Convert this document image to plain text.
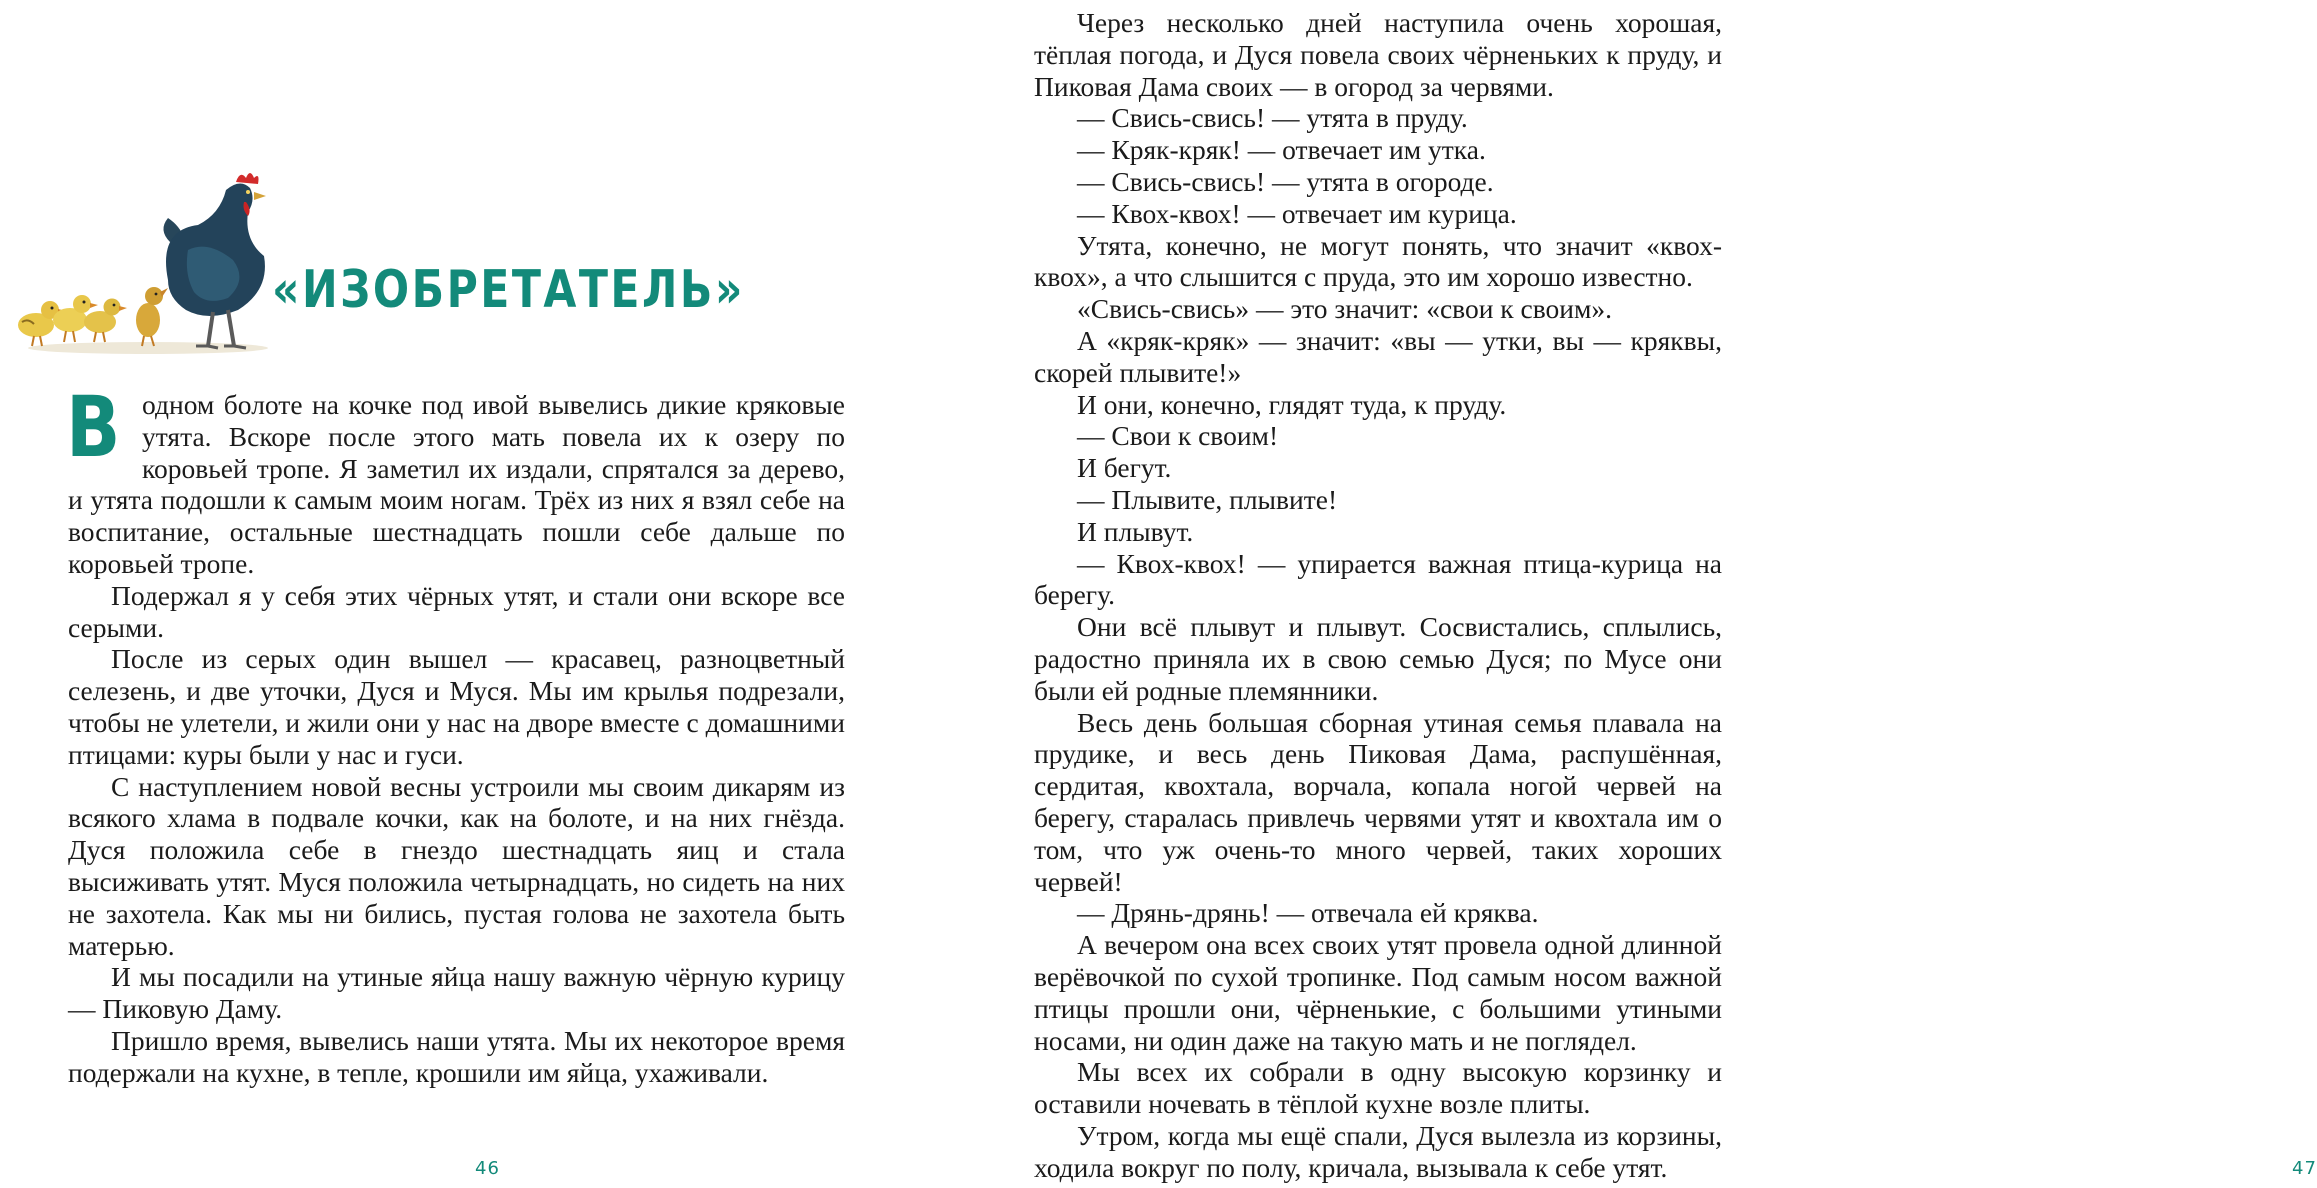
«ИЗОБРЕТАТЕЛЬ»

Водном болоте на кочке под ивой вывелись дикие кряковые утята. Вскоре после этого мать повела их к озеру по коровьей тропе. Я заметил их издали, спрятался за дерево, и утята подошли к самым моим ногам. Трёх из них я взял себе на воспитание, остальные шестнадцать пошли себе дальше по коровьей тропе.

Подержал я у себя этих чёрных утят, и стали они вскоре все серыми.

После из серых один вышел — красавец, разноцветный селезень, и две уточки, Дуся и Муся. Мы им крылья подрезали, чтобы не улетели, и жили они у нас на дворе вместе с домашними птицами: куры были у нас и гуси.

С наступлением новой весны устроили мы своим дикарям из всякого хлама в подвале кочки, как на болоте, и на них гнёзда. Дуся положила себе в гнездо шестнадцать яиц и стала высиживать утят. Муся положила четырнадцать, но сидеть на них не захотела. Как мы ни бились, пустая голова не захотела быть матерью.

И мы посадили на утиные яйца нашу важную чёрную курицу — Пиковую Даму.

Пришло время, вывелись наши утята. Мы их некоторое время подержали на кухне, в тепле, крошили им яйца, ухаживали.

46

Через несколько дней наступила очень хорошая, тёплая погода, и Дуся повела своих чёрненьких к пруду, и Пиковая Дама своих — в огород за червями.

— Свись-свись! — утята в пруду.

— Кряк-кряк! — отвечает им утка.

— Свись-свись! — утята в огороде.

— Квох-квох! — отвечает им курица.

Утята, конечно, не могут понять, что значит «квох-квох», а что слышится с пруда, это им хорошо известно.

«Свись-свись» — это значит: «свои к своим».

А «кряк-кряк» — значит: «вы — утки, вы — кряквы, скорей плывите!»

И они, конечно, глядят туда, к пруду.

— Свои к своим!

И бегут.

— Плывите, плывите!

И плывут.

— Квох-квох! — упирается важная птица-курица на берегу.

Они всё плывут и плывут. Сосвистались, сплылись, радостно приняла их в свою семью Дуся; по Мусе они были ей родные племянники.

Весь день большая сборная утиная семья плавала на прудике, и весь день Пиковая Дама, распушённая, сердитая, квохтала, ворчала, копала ногой червей на берегу, старалась привлечь червями утят и квохтала им о том, что уж очень-то много червей, таких хороших червей!

— Дрянь-дрянь! — отвечала ей кряква.

А вечером она всех своих утят провела одной длинной верёвочкой по сухой тропинке. Под самым носом важной птицы прошли они, чёрненькие, с большими утиными носами, ни один даже на такую мать и не поглядел.

Мы всех их собрали в одну высокую корзинку и оставили ночевать в тёплой кухне возле плиты.

Утром, когда мы ещё спали, Дуся вылезла из корзины, ходила вокруг по полу, кричала, вызывала к себе утят.	47
